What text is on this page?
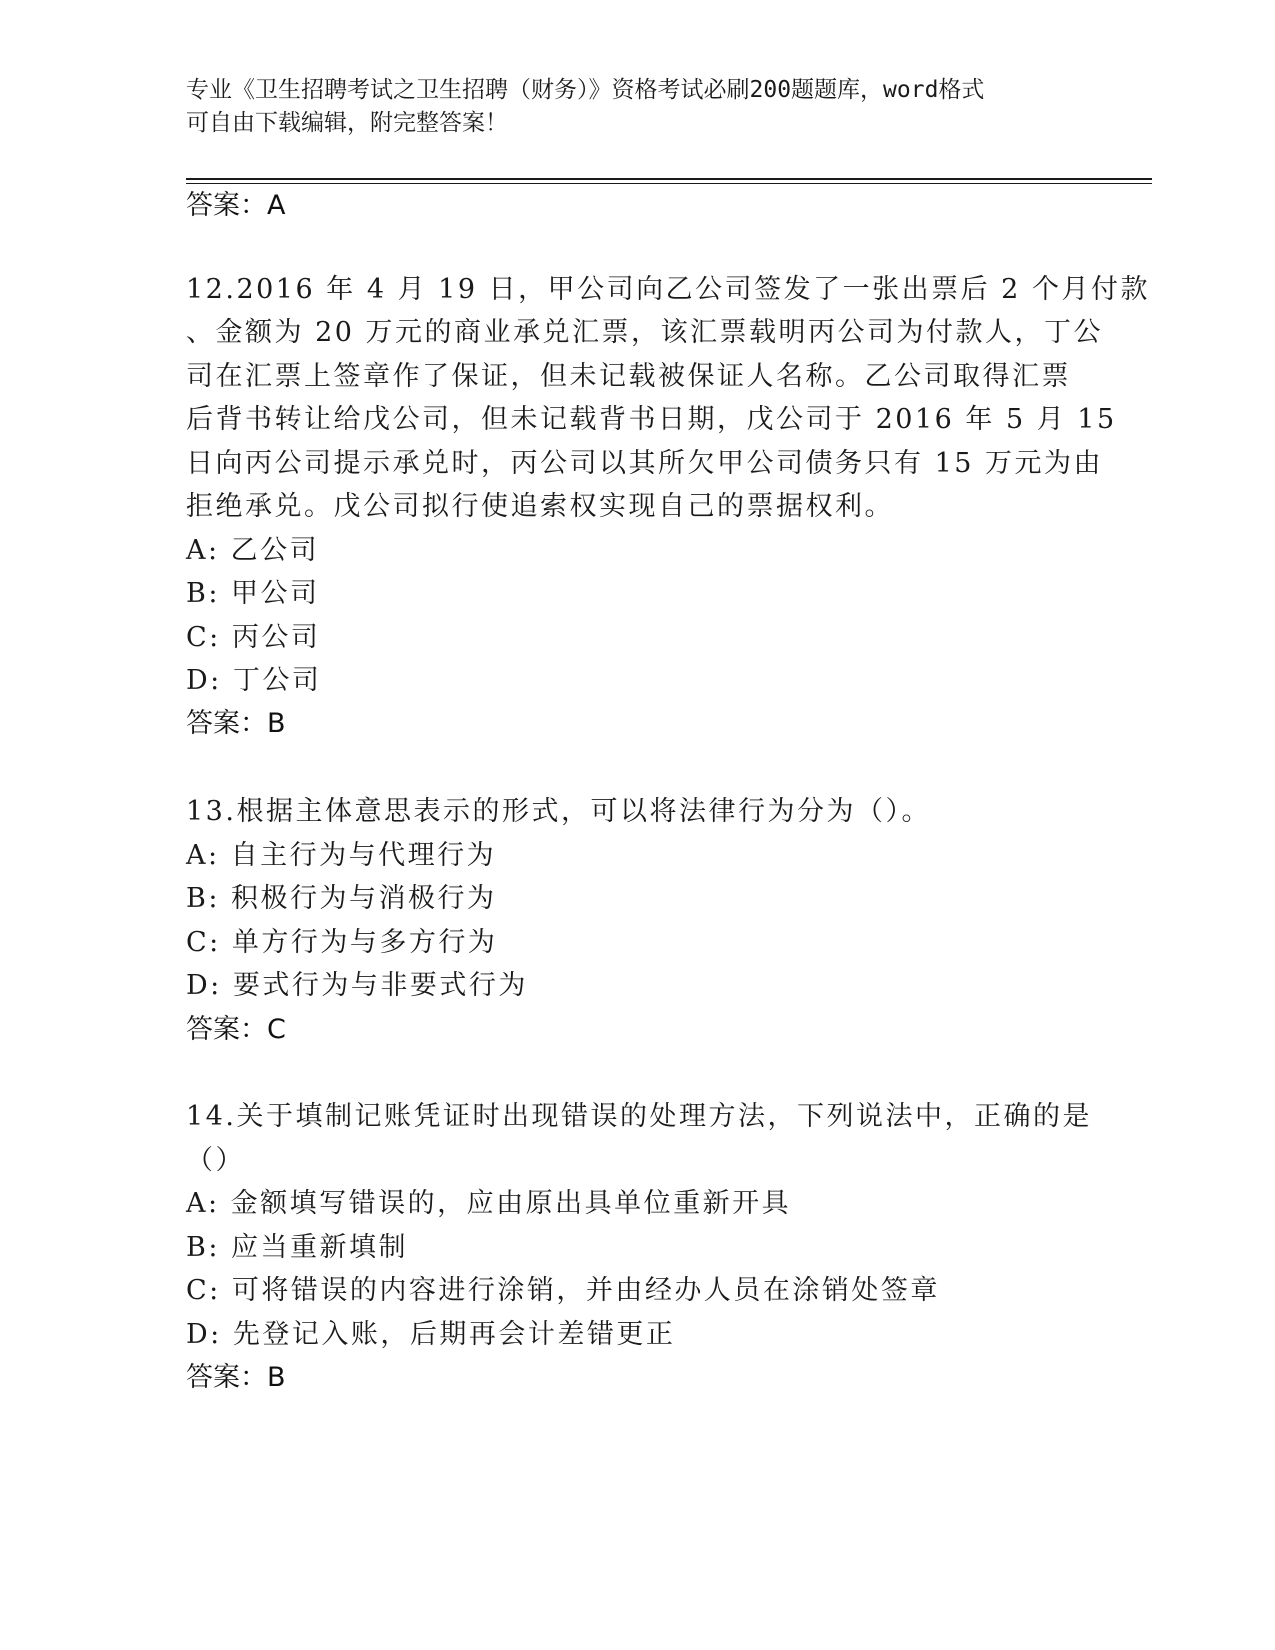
专业《卫生招聘考试之卫生招聘（财务）》资格考试必刷200题题库，word格式
可自由下载编辑，附完整答案！
答案：A
12.2016 年 4 月 19 日，甲公司向乙公司签发了一张出票后 2 个月付款
、金额为 20 万元的商业承兑汇票，该汇票载明丙公司为付款人，丁公
司在汇票上签章作了保证，但未记载被保证人名称。乙公司取得汇票
后背书转让给戊公司，但未记载背书日期，戊公司于 2016 年 5 月 15
日向丙公司提示承兑时，丙公司以其所欠甲公司债务只有 15 万元为由
拒绝承兑。戊公司拟行使追索权实现自己的票据权利。
A: 乙公司
B: 甲公司
C: 丙公司
D: 丁公司
答案：B
13.根据主体意思表示的形式，可以将法律行为分为（）。
A: 自主行为与代理行为
B: 积极行为与消极行为
C: 单方行为与多方行为
D: 要式行为与非要式行为
答案：C
14.关于填制记账凭证时出现错误的处理方法，下列说法中，正确的是
（）
A: 金额填写错误的，应由原出具单位重新开具
B: 应当重新填制
C: 可将错误的内容进行涂销，并由经办人员在涂销处签章
D: 先登记入账，后期再会计差错更正
答案：B
